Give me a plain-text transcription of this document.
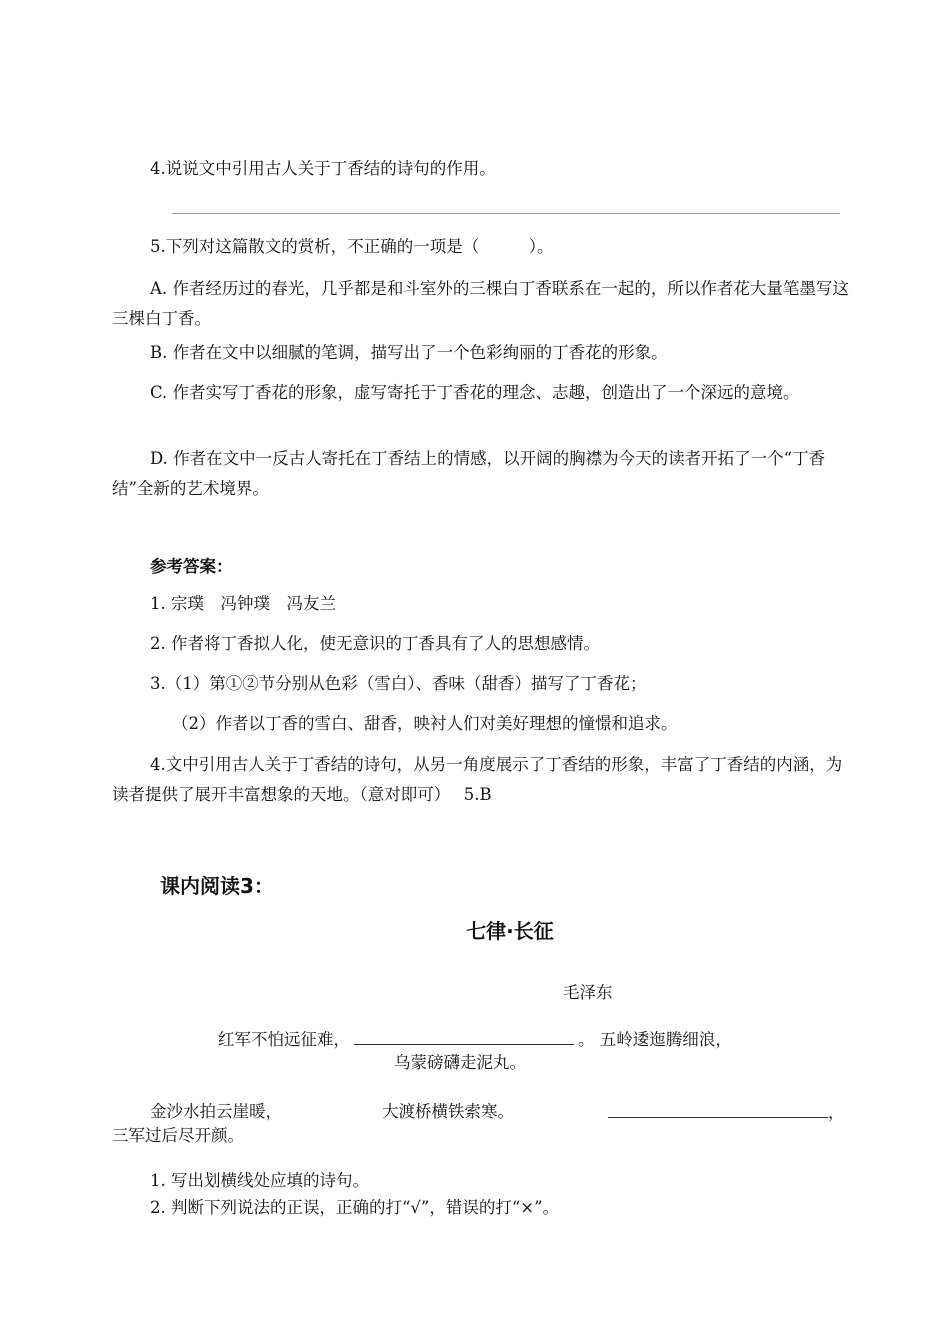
4.说说文中引用古人关于丁香结的诗句的作用。
5.下列对这篇散文的赏析，不正确的一项是（　　　）。
A. 作者经历过的春光，几乎都是和斗室外的三棵白丁香联系在一起的，所以作者花大量笔墨写这三棵白丁香。
B. 作者在文中以细腻的笔调，描写出了一个色彩绚丽的丁香花的形象。
C. 作者实写丁香花的形象，虚写寄托于丁香花的理念、志趣，创造出了一个深远的意境。
D. 作者在文中一反古人寄托在丁香结上的情感，以开阔的胸襟为今天的读者开拓了一个“丁香结”全新的艺术境界。
参考答案：
1. 宗璞　冯钟璞　冯友兰
2. 作者将丁香拟人化，使无意识的丁香具有了人的思想感情。
3.（1）第①②节分别从色彩（雪白）、香味（甜香）描写了丁香花；
（2）作者以丁香的雪白、甜香，映衬人们对美好理想的憧憬和追求。
4.文中引用古人关于丁香结的诗句，从另一角度展示了丁香结的形象，丰富了丁香结的内涵，为读者提供了展开丰富想象的天地。（意对即可）　 5.B
课内阅读3：
七律·长征
毛泽东
红军不怕远征难，	。 五岭逶迤腾细浪，
乌蒙磅礴走泥丸。
金沙水拍云崖暖，	大渡桥横铁索寒。	，
三军过后尽开颜。
1. 写出划横线处应填的诗句。
2. 判断下列说法的正误，正确的打“√”，错误的打“×”。
